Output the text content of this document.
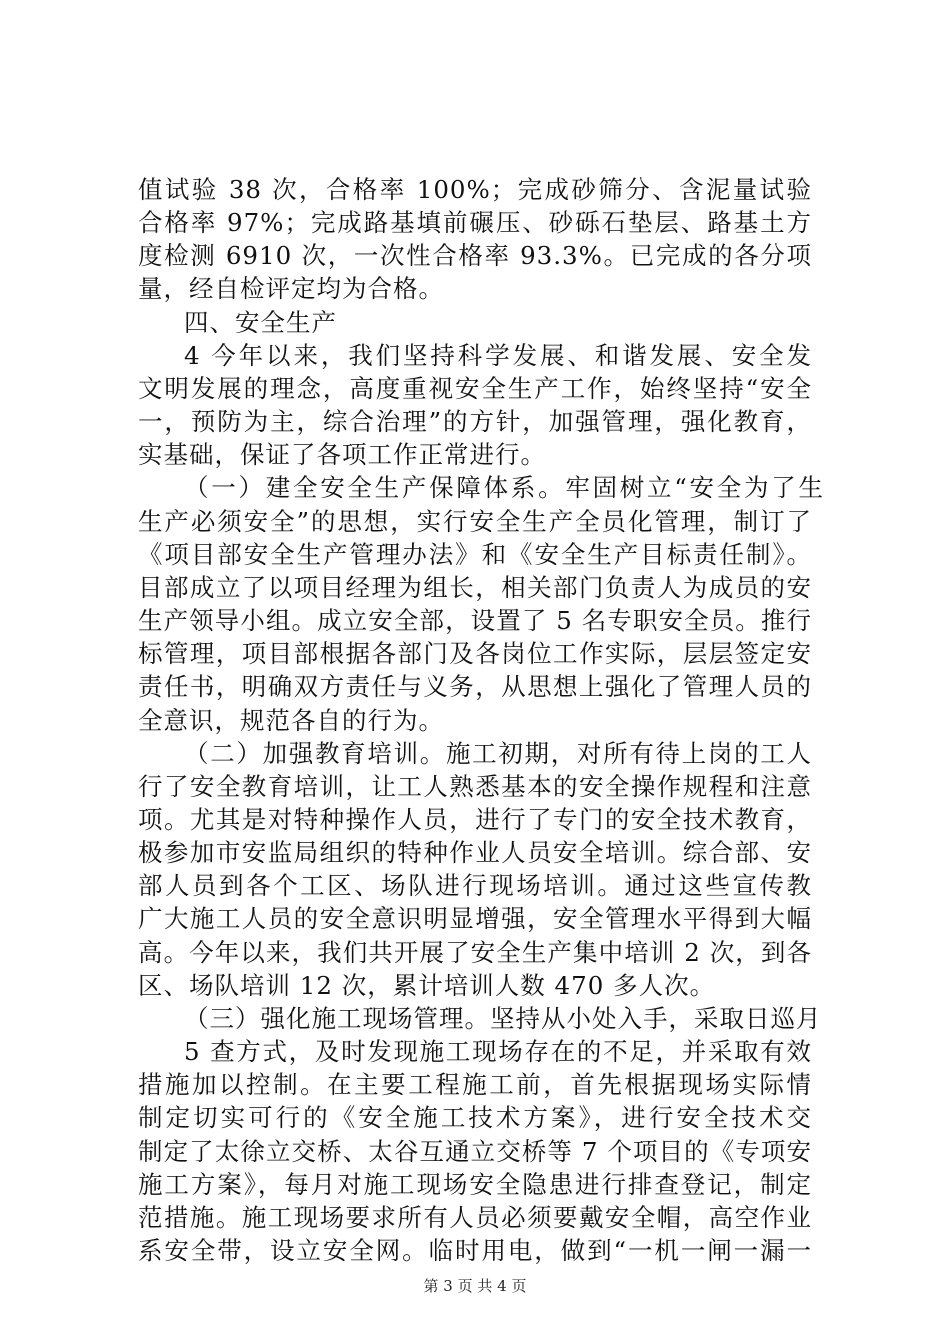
值试验 38 次，合格率 100%；完成砂筛分、含泥量试验
合格率 97%；完成路基填前碾压、砂砾石垫层、路基土方
度检测 6910 次，一次性合格率 93.3%。已完成的各分项
量，经自检评定均为合格。
四、安全生产
4 今年以来，我们坚持科学发展、和谐发展、安全发
文明发展的理念，高度重视安全生产工作，始终坚持“安全
一，预防为主，综合治理”的方针，加强管理，强化教育，
实基础，保证了各项工作正常进行。
（一）建全安全生产保障体系。牢固树立“安全为了生
生产必须安全”的思想，实行安全生产全员化管理，制订了
《项目部安全生产管理办法》和《安全生产目标责任制》。
目部成立了以项目经理为组长，相关部门负责人为成员的安
生产领导小组。成立安全部，设置了 5 名专职安全员。推行
标管理，项目部根据各部门及各岗位工作实际，层层签定安
责任书，明确双方责任与义务，从思想上强化了管理人员的
全意识，规范各自的行为。
（二）加强教育培训。施工初期，对所有待上岗的工人
行了安全教育培训，让工人熟悉基本的安全操作规程和注意
项。尤其是对特种操作人员，进行了专门的安全技术教育，
极参加市安监局组织的特种作业人员安全培训。综合部、安
部人员到各个工区、场队进行现场培训。通过这些宣传教
广大施工人员的安全意识明显增强，安全管理水平得到大幅
高。今年以来，我们共开展了安全生产集中培训 2 次，到各
区、场队培训 12 次，累计培训人数 470 多人次。
（三）强化施工现场管理。坚持从小处入手，采取日巡月
5 查方式，及时发现施工现场存在的不足，并采取有效
措施加以控制。在主要工程施工前，首先根据现场实际情
制定切实可行的《安全施工技术方案》，进行安全技术交
制定了太徐立交桥、太谷互通立交桥等 7 个项目的《专项安
施工方案》，每月对施工现场安全隐患进行排查登记，制定
范措施。施工现场要求所有人员必须要戴安全帽，高空作业
系安全带，设立安全网。临时用电，做到“一机一闸一漏一
第 3 页 共 4 页
